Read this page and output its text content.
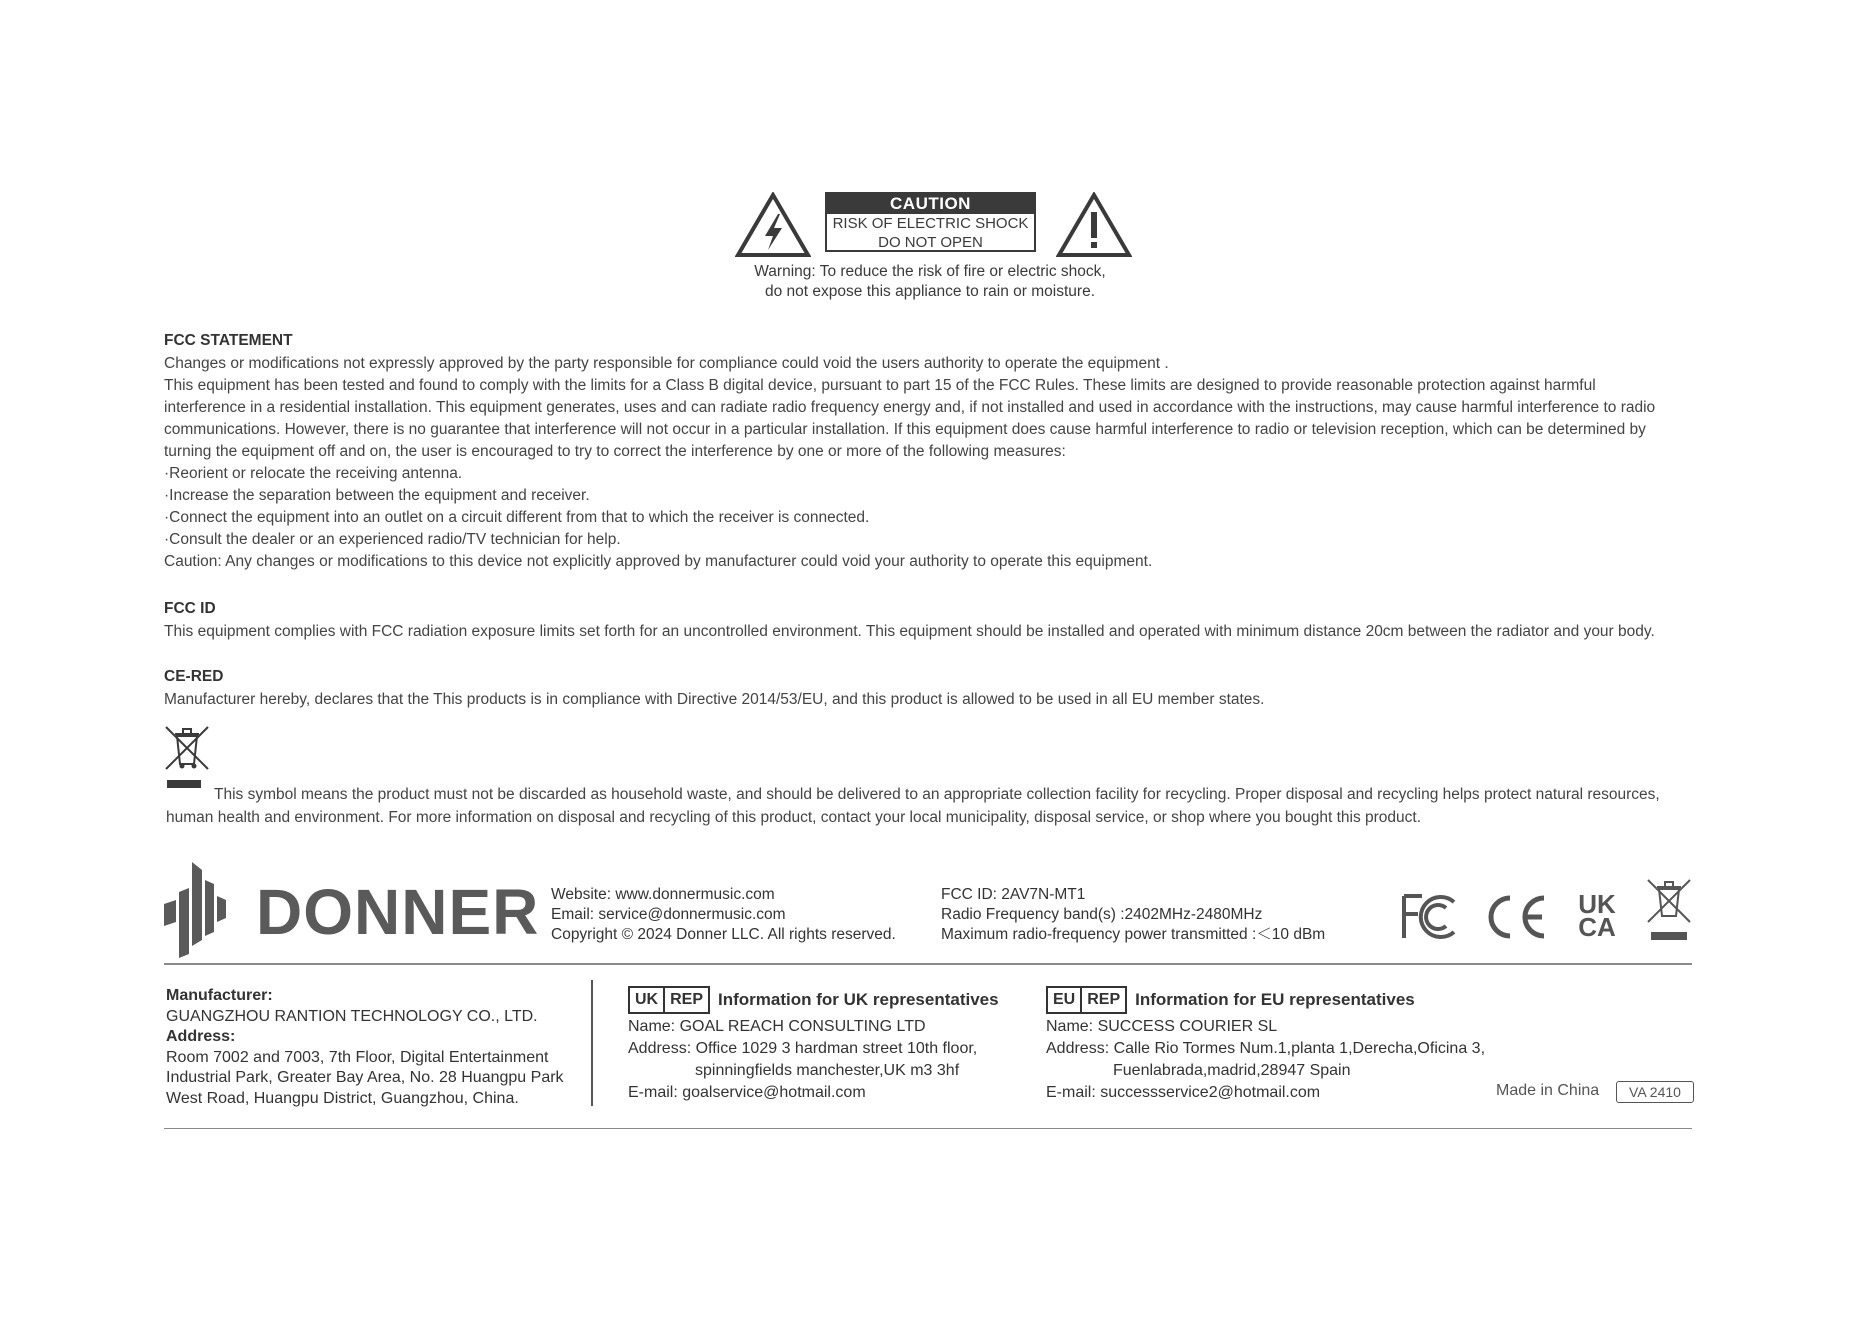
CAUTION
RISK OF ELECTRIC SHOCK
DO NOT OPEN
Warning: To reduce the risk of fire or electric shock,
do not expose this appliance to rain or moisture.
FCC STATEMENT

Changes or modifications not expressly approved by the party responsible for compliance could void the users authority to operate the equipment .

This equipment has been tested and found to comply with the limits for a Class B digital device, pursuant to part 15 of the FCC Rules. These limits are designed to provide reasonable protection against harmful

interference in a residential installation. This equipment generates, uses and can radiate radio frequency energy and, if not installed and used in accordance with the instructions, may cause harmful interference to radio

communications. However, there is no guarantee that interference will not occur in a particular installation. If this equipment does cause harmful interference to radio or television reception, which can be determined by

turning the equipment off and on, the user is encouraged to try to correct the interference by one or more of the following measures:

·Reorient or relocate the receiving antenna.

·Increase the separation between the equipment and receiver.

·Connect the equipment into an outlet on a circuit different from that to which the receiver is connected.

·Consult the dealer or an experienced radio/TV technician for help.

Caution: Any changes or modifications to this device not explicitly approved by manufacturer could void your authority to operate this equipment.

FCC ID
This equipment complies with FCC radiation exposure limits set forth for an uncontrolled environment. This equipment should be installed and operated with minimum distance 20cm between the radiator and your body.
CE-RED
Manufacturer hereby, declares that the This products is in compliance with Directive 2014/53/EU, and this product is allowed to be used in all EU member states.
This symbol means the product must not be discarded as household waste, and should be delivered to an appropriate collection facility for recycling. Proper disposal and recycling helps protect natural resources,
human health and environment. For more information on disposal and recycling of this product, contact your local municipality, disposal service, or shop where you bought this product.
DONNER Website: www.donnermusic.com
Email: service@donnermusic.com
Copyright © 2024 Donner LLC. All rights reserved.
FCC ID: 2AV7N-MT1
Radio Frequency band(s) :2402MHz-2480MHz
Maximum radio-frequency power transmitted :＜10 dBm
UK
CA
Manufacturer:
GUANGZHOU RANTION TECHNOLOGY CO., LTD.
Address:
Room 7002 and 7003, 7th Floor, Digital Entertainment
Industrial Park, Greater Bay Area, No. 28 Huangpu Park
West Road, Huangpu District, Guangzhou, China.
UK REP Information for UK representatives
Name: GOAL REACH CONSULTING LTD
Address: Office 1029 3 hardman street 10th floor,
spinningfields manchester,UK m3 3hf
E-mail: goalservice@hotmail.com
EU REP Information for EU representatives
Name: SUCCESS COURIER SL
Address: Calle Rio Tormes Num.1,planta 1,Derecha,Oficina 3,
Fuenlabrada,madrid,28947 Spain
E-mail: successservice2@hotmail.com	Made in China	VA 2410
